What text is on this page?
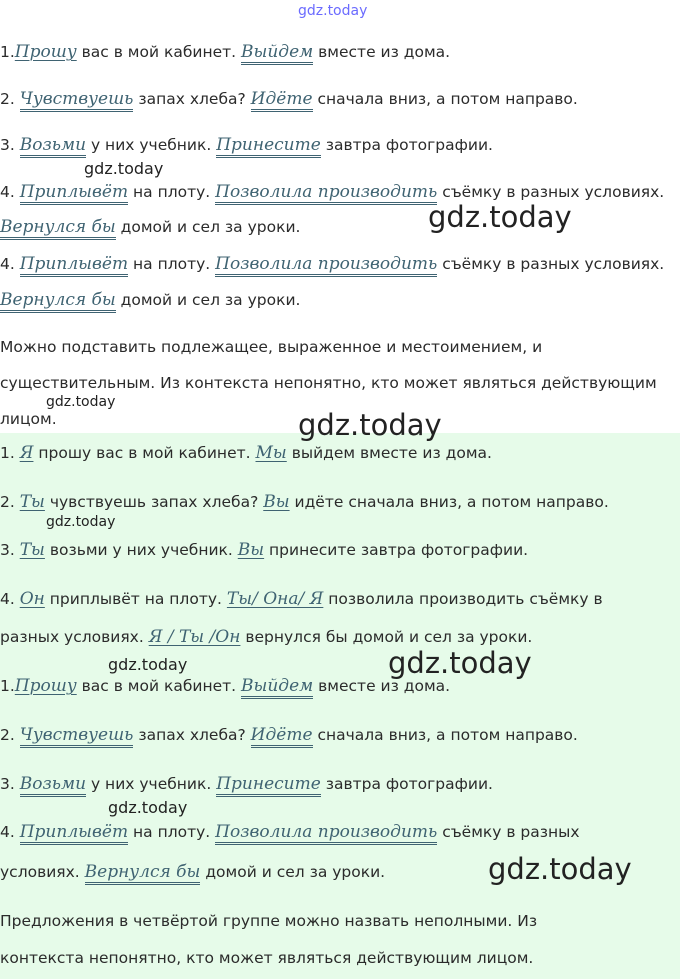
gdz.today
1.Прошу вас в мой кабинет. Выйдем вместе из дома.
2. Чувствуешь запах хлеба? Идёте сначала вниз, а потом направо.
3. Возьми у них учебник. Принесите завтра фотографии.
gdz.today
4. Приплывёт на плоту. Позволила производить съёмку в разных условиях.
gdz.today
Вернулся бы домой и сел за уроки.
4. Приплывёт на плоту. Позволила производить съёмку в разных условиях.
Вернулся бы домой и сел за уроки.
Можно подставить подлежащее, выраженное и местоимением, и
существительным. Из контекста непонятно, кто может являться действующим
gdz.today
лицом.	gdz.today
1. Я прошу вас в мой кабинет. Мы выйдем вместе из дома.
2. Ты чувствуешь запах хлеба? Вы идёте сначала вниз, а потом направо.
gdz.today
3. Ты возьми у них учебник. Вы принесите завтра фотографии.
4. Он приплывёт на плоту. Ты/ Она/ Я позволила производить съёмку в
разных условиях. Я / Ты /Он вернулся бы домой и сел за уроки.
gdz.today	gdz.today
1.Прошу вас в мой кабинет. Выйдем вместе из дома.
2. Чувствуешь запах хлеба? Идёте сначала вниз, а потом направо.
3. Возьми у них учебник. Принесите завтра фотографии.
gdz.today
4. Приплывёт на плоту. Позволила производить съёмку в разных
условиях. Вернулся бы домой и сел за уроки.	gdz.today
Предложения в четвёртой группе можно назвать неполными. Из
контекста непонятно, кто может являться действующим лицом.
